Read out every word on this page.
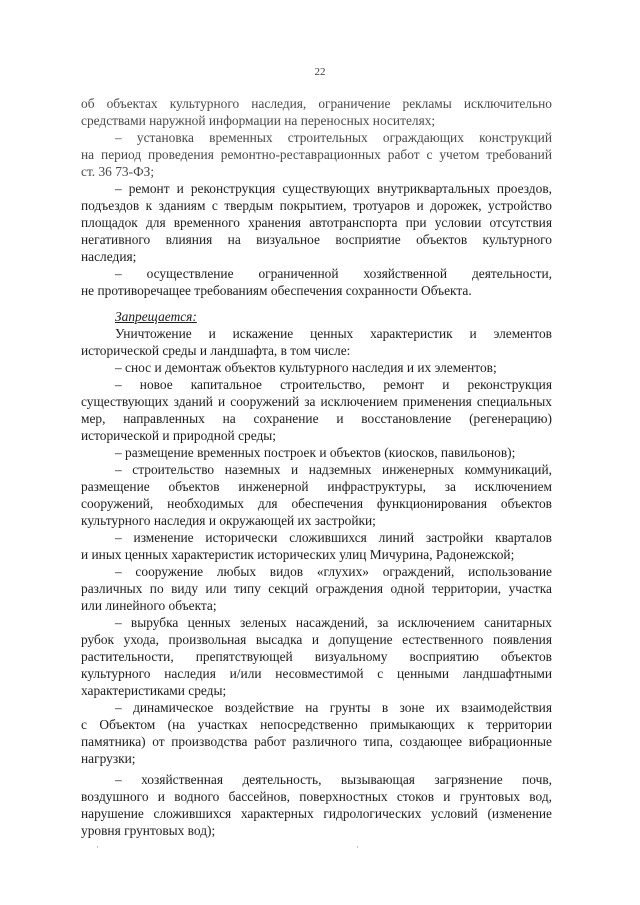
22
об объектах культурного наследия, ограничение рекламы исключительно
средствами наружной информации на переносных носителях;
– установка временных строительных ограждающих конструкций
на период проведения ремонтно-реставрационных работ с учетом требований
ст. 36 73-ФЗ;
– ремонт и реконструкция существующих внутриквартальных проездов,
подъездов к зданиям с твердым покрытием, тротуаров и дорожек, устройство
площадок для временного хранения автотранспорта при условии отсутствия
негативного влияния на визуальное восприятие объектов культурного
наследия;
– осуществление ограниченной хозяйственной деятельности,
не противоречащее требованиям обеспечения сохранности Объекта.
Запрещается:
Уничтожение и искажение ценных характеристик и элементов
исторической среды и ландшафта, в том числе:
– снос и демонтаж объектов культурного наследия и их элементов;
– новое капитальное строительство, ремонт и реконструкция
существующих зданий и сооружений за исключением применения специальных
мер, направленных на сохранение и восстановление (регенерацию)
исторической и природной среды;
– размещение временных построек и объектов (киосков, павильонов);
– строительство наземных и надземных инженерных коммуникаций,
размещение объектов инженерной инфраструктуры, за исключением
сооружений, необходимых для обеспечения функционирования объектов
культурного наследия и окружающей их застройки;
– изменение исторически сложившихся линий застройки кварталов
и иных ценных характеристик исторических улиц Мичурина, Радонежской;
– сооружение любых видов «глухих» ограждений, использование
различных по виду или типу секций ограждения одной территории, участка
или линейного объекта;
– вырубка ценных зеленых насаждений, за исключением санитарных
рубок ухода, произвольная высадка и допущение естественного появления
растительности, препятствующей визуальному восприятию объектов
культурного наследия и/или несовместимой с ценными ландшафтными
характеристиками среды;
– динамическое воздействие на грунты в зоне их взаимодействия
с Объектом (на участках непосредственно примыкающих к территории
памятника) от производства работ различного типа, создающее вибрационные
нагрузки;
– хозяйственная деятельность, вызывающая загрязнение почв,
воздушного и водного бассейнов, поверхностных стоков и грунтовых вод,
нарушение сложившихся характерных гидрологических условий (изменение
уровня грунтовых вод);
·	·
